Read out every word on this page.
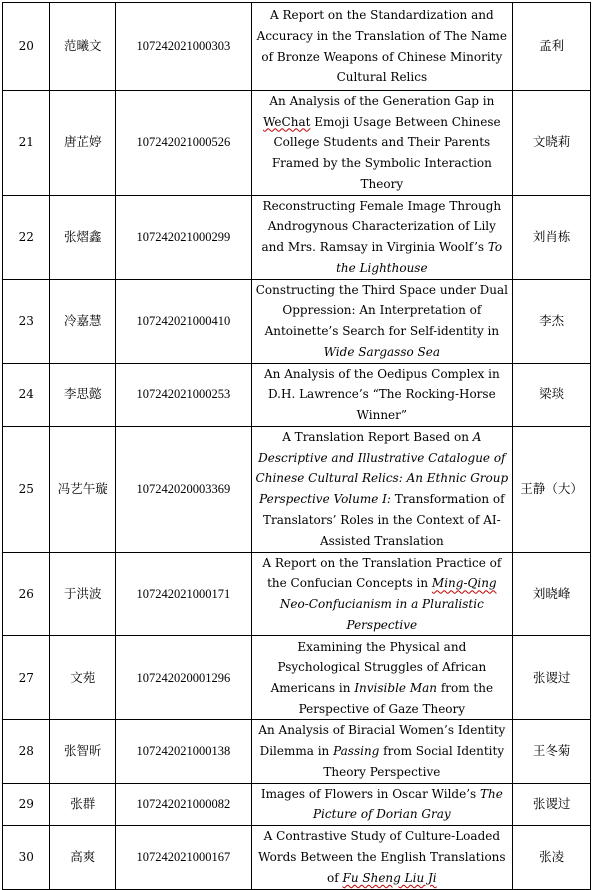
20	范曦文	107242021000303	A Report on the Standardization and Accuracy in the Translation of The Name of Bronze Weapons of Chinese Minority Cultural Relics	孟利
21	唐芷婷	107242021000526	An Analysis of the Generation Gap in WeChat Emoji Usage Between Chinese College Students and Their Parents Framed by the Symbolic Interaction Theory	文晓莉
22	张熠鑫	107242021000299	Reconstructing Female Image Through Androgynous Characterization of Lily and Mrs. Ramsay in Virginia Woolf’s To the Lighthouse	刘肖栋
23	冷嘉慧	107242021000410	Constructing the Third Space under Dual Oppression: An Interpretation of Antoinette’s Search for Self-identity in Wide Sargasso Sea	李杰
24	李思懿	107242021000253	An Analysis of the Oedipus Complex in D.H. Lawrence’s “The Rocking-Horse Winner”	梁琰
25	冯艺午璇	107242020003369	A Translation Report Based on A Descriptive and Illustrative Catalogue of Chinese Cultural Relics: An Ethnic Group Perspective Volume I: Transformation of Translators’ Roles in the Context of AI-Assisted Translation	王静（大）
26	于洪波	107242021000171	A Report on the Translation Practice of the Confucian Concepts in Ming-Qing Neo-Confucianism in a Pluralistic Perspective	刘晓峰
27	文苑	107242020001296	Examining the Physical and Psychological Struggles of African Americans in Invisible Man from the Perspective of Gaze Theory	张谡过
28	张智昕	107242021000138	An Analysis of Biracial Women’s Identity Dilemma in Passing from Social Identity Theory Perspective	王冬菊
29	张群	107242021000082	Images of Flowers in Oscar Wilde’s The Picture of Dorian Gray	张谡过
30	高爽	107242021000167	A Contrastive Study of Culture-Loaded Words Between the English Translations of Fu Sheng Liu Ji	张凌
